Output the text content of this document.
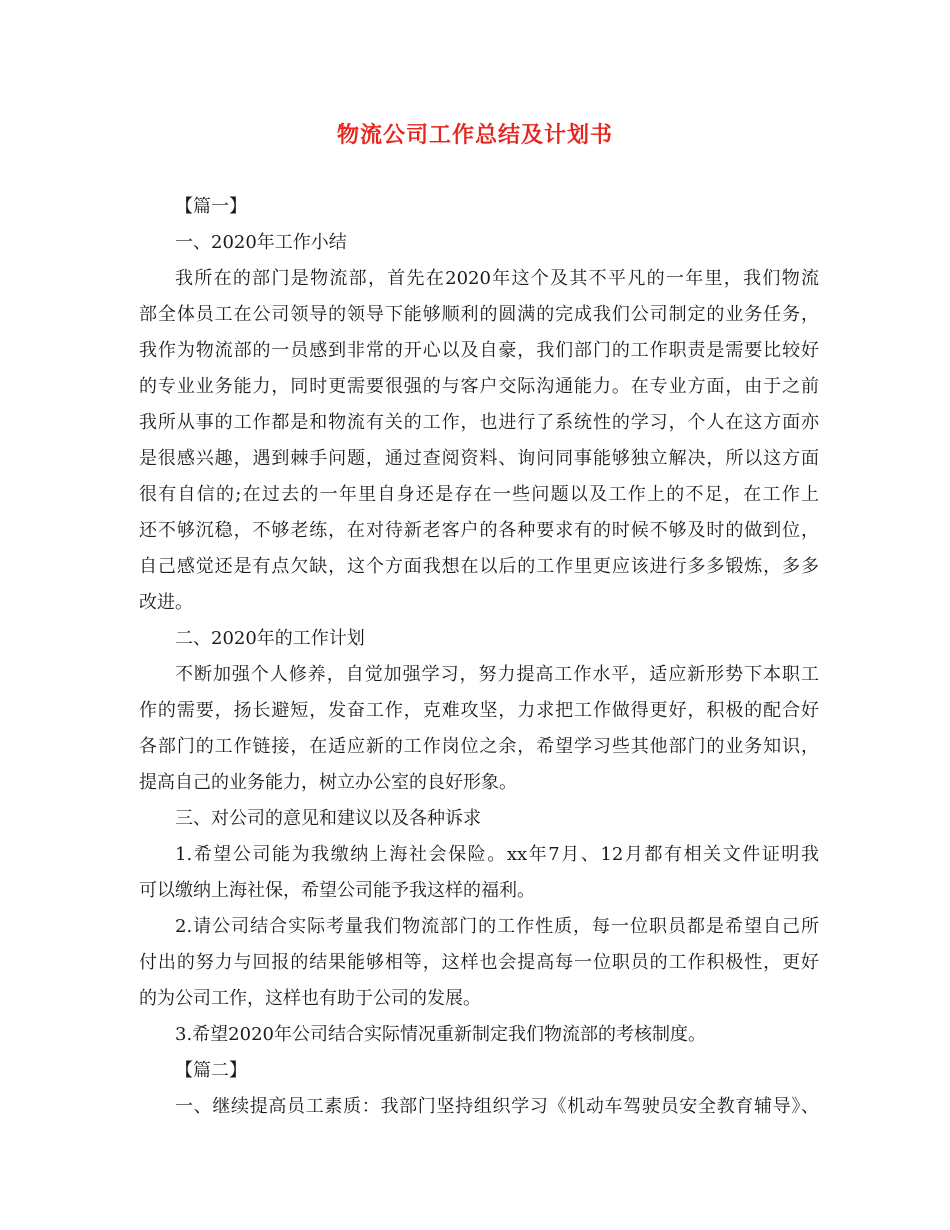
物流公司工作总结及计划书
【篇一】
一、2020年工作小结
我所在的部门是物流部，首先在2020年这个及其不平凡的一年里，我们物流
部全体员工在公司领导的领导下能够顺利的圆满的完成我们公司制定的业务任务，
我作为物流部的一员感到非常的开心以及自豪，我们部门的工作职责是需要比较好
的专业业务能力，同时更需要很强的与客户交际沟通能力。在专业方面，由于之前
我所从事的工作都是和物流有关的工作，也进行了系统性的学习，个人在这方面亦
是很感兴趣，遇到棘手问题，通过查阅资料、询问同事能够独立解决，所以这方面
很有自信的;在过去的一年里自身还是存在一些问题以及工作上的不足，在工作上
还不够沉稳，不够老练，在对待新老客户的各种要求有的时候不够及时的做到位，
自己感觉还是有点欠缺，这个方面我想在以后的工作里更应该进行多多锻炼，多多
改进。
二、2020年的工作计划
不断加强个人修养，自觉加强学习，努力提高工作水平，适应新形势下本职工
作的需要，扬长避短，发奋工作，克难攻坚，力求把工作做得更好，积极的配合好
各部门的工作链接，在适应新的工作岗位之余，希望学习些其他部门的业务知识，
提高自己的业务能力，树立办公室的良好形象。
三、对公司的意见和建议以及各种诉求
1.希望公司能为我缴纳上海社会保险。xx年7月、12月都有相关文件证明我
可以缴纳上海社保，希望公司能予我这样的福利。
2.请公司结合实际考量我们物流部门的工作性质，每一位职员都是希望自己所
付出的努力与回报的结果能够相等，这样也会提高每一位职员的工作积极性，更好
的为公司工作，这样也有助于公司的发展。
3.希望2020年公司结合实际情况重新制定我们物流部的考核制度。
【篇二】
一、继续提高员工素质：我部门坚持组织学习《机动车驾驶员安全教育辅导》、
